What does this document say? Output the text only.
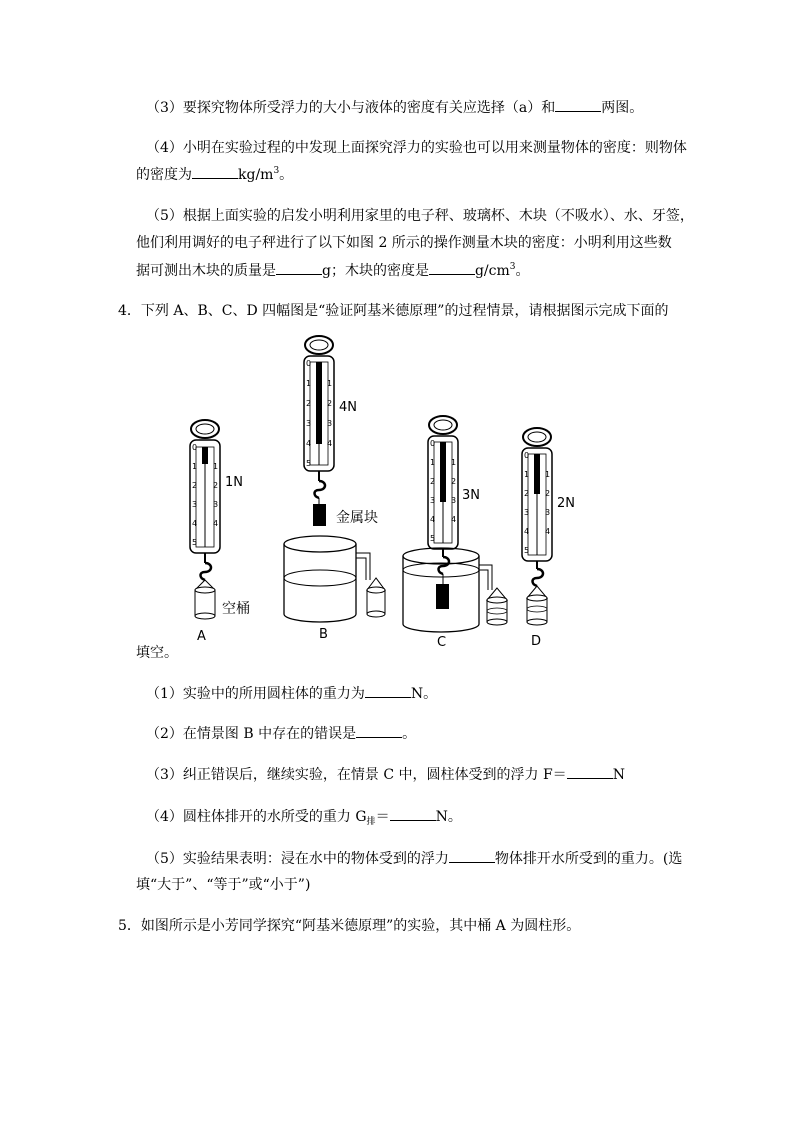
（3）要探究物体所受浮力的大小与液体的密度有关应选择（a）和	两图。
（4）小明在实验过程的中发现上面探究浮力的实验也可以用来测量物体的密度：则物体
的密度为	$kg/m^3$。
（5）根据上面实验的启发小明利用家里的电子秤、玻璃杯、木块（不吸水）、水、牙签，
他们利用调好的电子秤进行了以下如图 2 所示的操作测量木块的密度：小明利用这些数
据可测出木块的质量是	g；木块的密度是	$g/cm^3$。
4．下列 A、B、C、D 四幅图是“验证阿基米德原理”的过程情景，请根据图示完成下面的
0
1
2
3
4
5
1
2
3
4
1N
空桶
A
0
1
2
3
4
5
1
2
3
4
4N
金属块
B
0
1
2
3
4
5
1
2
3
4
3N
C
0
1
2
3
4
5
1
2
3
4
2N
D
填空。
（1）实验中的所用圆柱体的重力为	N。
（2）在情景图 B 中存在的错误是	。
（3）纠正错误后，继续实验，在情景 C 中，圆柱体受到的浮力 F＝	N
（4）圆柱体排开的水所受的重力 $G_排=$	N。
（5）实验结果表明：浸在水中的物体受到的浮力	物体排开水所受到的重力。(选
填“大于”、“等于”或“小于”)
5．如图所示是小芳同学探究“阿基米德原理”的实验，其中桶 A 为圆柱形。
